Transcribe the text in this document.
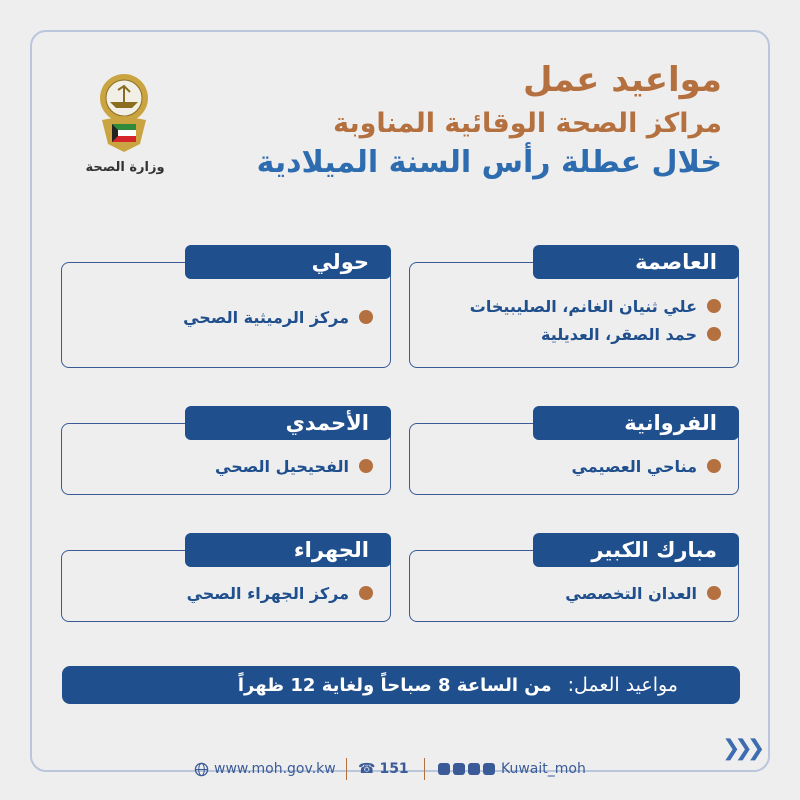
مواعيد عمل
مراكز الصحة الوقائية المناوبة
خلال عطلة رأس السنة الميلادية
وزارة الصحة
العاصمة
علي ثنيان الغانم، الصليبيخات
حمد الصقر، العديلية
حولي
مركز الرميثية الصحي
الفروانية
مناحي العصيمي
الأحمدي
الفحيحيل الصحي
مبارك الكبير
العدان التخصصي
الجهراء
مركز الجهراء الصحي
مواعيد العمل:
من الساعة 8 صباحاً ولغاية 12 ظهراً
❯❯❯
www.moh.gov.kw ☎ 151	Kuwait_moh
